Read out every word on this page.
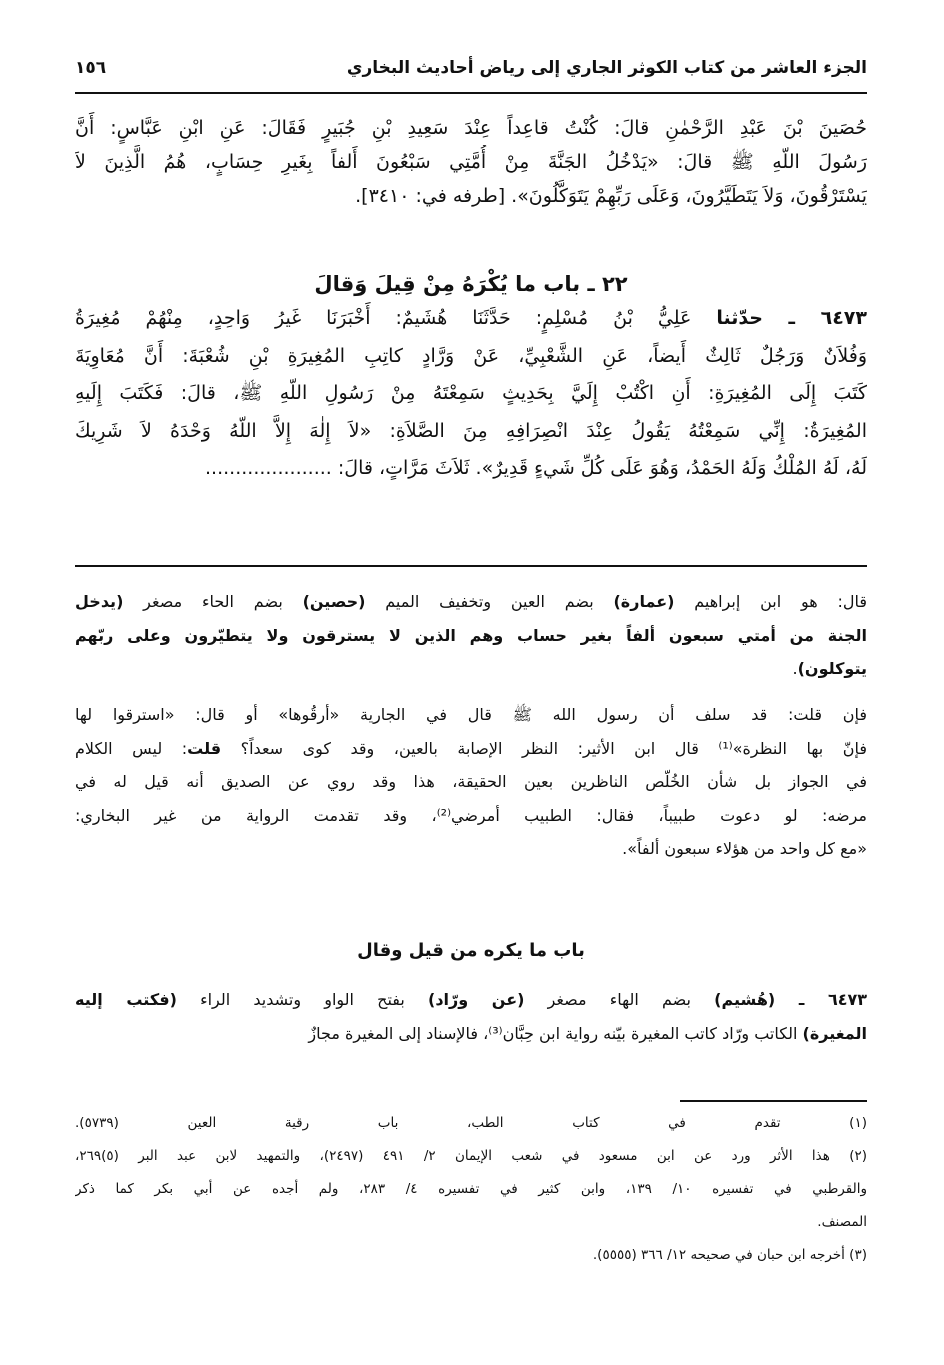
الجزء العاشر من كتاب الكوثر الجاري إلى رياض أحاديث البخاري
١٥٦
حُصَينَ بْنَ عَبْدِ الرَّحْمٰنِ قالَ: كُنْتُ قاعِداً عِنْدَ سَعِيدِ بْنِ جُبَيرٍ فَقَالَ: عَنِ ابْنِ عَبَّاسٍ: أَنَّ
رَسُولَ اللّهِ ﷺ قالَ: «يَدْخُلُ الجَنَّةَ مِنْ أُمَّتِي سَبْعُونَ أَلفاً بِغَيرِ حِسَابٍ، هُمُ الَّذِينَ لاَ
يَسْتَرْقُونَ، وَلاَ يَتَطَيَّرُونَ، وَعَلَى رَبِّهِمْ يَتَوَكَّلُونَ». [طرفه في: ٣٤١٠].
٢٢ ـ باب ما يُكْرَهُ مِنْ قِيلَ وَقالَ
٦٤٧٣ ـ حدّثنا عَلِيُّ بْنُ مُسْلِمٍ: حَدَّثَنَا هُشَيمٌ: أَخْبَرَنَا غَيرُ وَاحِدٍ، مِنْهُمْ مُغِيرَةُ
وَفُلاَنٌ وَرَجُلٌ ثَالِثٌ أَيضاً، عَنِ الشَّعْبِيِّ، عَنْ وَرَّادٍ كاتِبِ المُغِيرَةِ بْنِ شُعْبَةَ: أَنَّ مُعَاوِيَةَ
كَتَبَ إِلَى المُغِيرَةِ: أَنِ اكْتُبْ إِلَيَّ بِحَدِيثٍ سَمِعْتَهُ مِنْ رَسُولِ اللّهِ ﷺ، قالَ: فَكَتَبَ إِلَيهِ
المُغِيرَةُ: إِنِّي سَمِعْتُهُ يَقُولُ عِنْدَ انْصِرَافِهِ مِنَ الصَّلاَةِ: «لاَ إِلٰهَ إِلاَّ اللّهُ وَحْدَهُ لاَ شَرِيكَ
لَهُ، لَهُ المُلْكُ وَلَهُ الحَمْدُ، وَهُوَ عَلَى كُلِّ شَيءٍ قَدِيرٌ». ثَلاَثَ مَرَّاتٍ، قالَ: .....................
قال: هو ابن إبراهيم (عمارة) بضم العين وتخفيف الميم (حصين) بضم الحاء مصغر (يدخل
الجنة من أمتي سبعون ألفاً بغير حساب وهم الذين لا يسترقون ولا يتطيّرون وعلى ربّهم
يتوكلون).
فإن قلت: قد سلف أن رسول الله ﷺ قال في الجارية «أرقُوها» أو قال: «استرقوا لها
فإنّ بها النظرة»⁽¹⁾ قال ابن الأثير: النظر الإصابة بالعين، وقد كوى سعداً؟ قلت: ليس الكلام
في الجواز بل شأن الخُلّص الناظرين بعين الحقيقة، هذا وقد روي عن الصديق أنه قيل له في
مرضه: لو دعوت طبيباً، فقال: الطبيب أمرضي⁽²⁾، وقد تقدمت الرواية من غير البخاري:
«مع كل واحد من هؤلاء سبعون ألفاً».
باب ما يكره من قيل وقال
٦٤٧٣ ـ (هُشيم) بضم الهاء مصغر (عن ورّاد) بفتح الواو وتشديد الراء (فكتب إليه
المغيرة) الكاتب ورّاد كاتب المغيرة بيّنه رواية ابن حِبَّان⁽³⁾، فالإسناد إلى المغيرة مجازٌ
(١) تقدم في كتاب الطب، باب رقية العين (٥٧٣٩).
(٢) هذا الأثر ورد عن ابن مسعود في شعب الإيمان ٢/ ٤٩١ (٢٤٩٧)، والتمهيد لابن عبد البر (٥)٢٦٩،
والقرطبي في تفسيره ١٠/ ١٣٩، وابن كثير في تفسيره ٤/ ٢٨٣، ولم أجده عن أبي بكر كما ذكر
المصنف.
(٣) أخرجه ابن حبان في صحيحه ١٢/ ٣٦٦ (٥٥٥٥).
